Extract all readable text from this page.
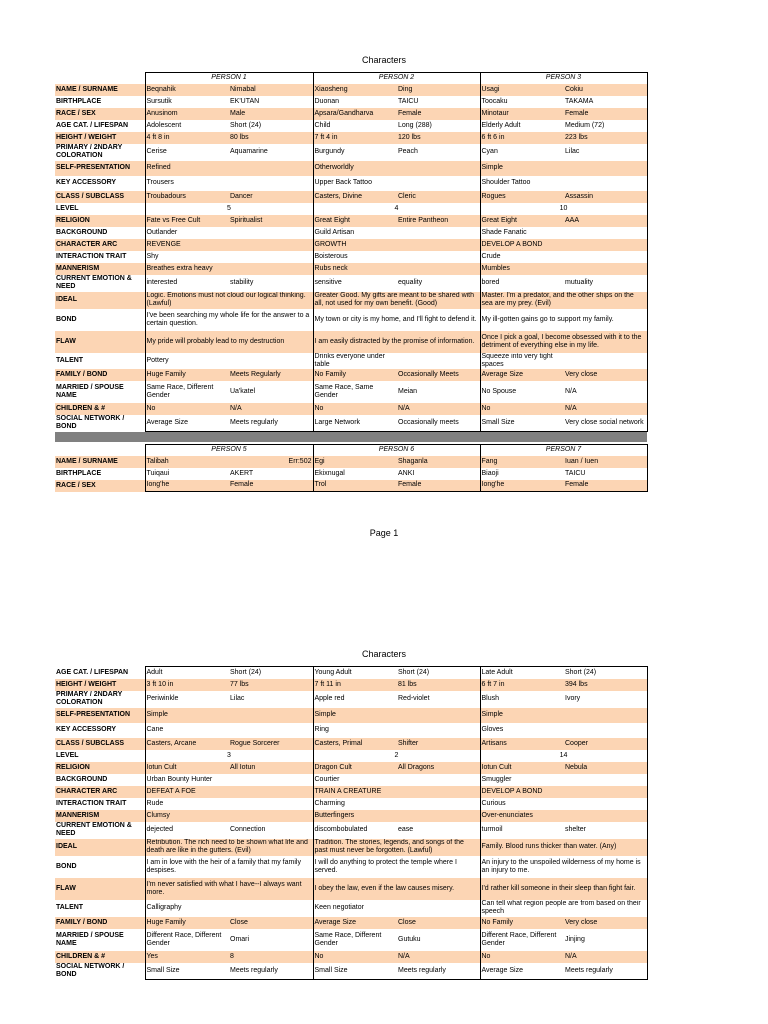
Characters
	PERSON 1		PERSON 2		PERSON 3	
NAME / SURNAME	Beqnahik	Nimabal	Xiaosheng	Ding	Usagi	Cokiu
BIRTHPLACE	Sursutik	EK'UTAN	Duonan	TAICU	Toocaku	TAKAMA
RACE / SEX	Anusinom	Male	Apsara/Gandharva	Female	Minotaur	Female
AGE CAT. / LIFESPAN	Adolescent	Short (24)	Child	Long (288)	Elderly Adult	Medium (72)
HEIGHT / WEIGHT	4 ft 8 in	80 lbs	7 ft 4 in	120 lbs	6 ft 6 in	223 lbs
PRIMARY / 2NDARY COLORATION	Cerise	Aquamarine	Burgundy	Peach	Cyan	Lilac
SELF-PRESENTATION	Refined		Otherworldly		Simple	
KEY ACCESSORY	Trousers		Upper Back Tattoo		Shoulder Tattoo	
CLASS / SUBCLASS	Troubadours	Dancer	Casters, Divine	Cleric	Rogues	Assassin
LEVEL	5		4		10	
RELIGION	Fate vs Free Cult	Spiritualist	Great Eight	Entire Pantheon	Great Eight	AAA
BACKGROUND	Outlander		Guild Artisan		Shade Fanatic	
CHARACTER ARC	REVENGE		GROWTH		DEVELOP A BOND	
INTERACTION TRAIT	Shy		Boisterous		Crude	
MANNERISM	Breathes extra heavy		Rubs neck		Mumbles	
CURRENT EMOTION & NEED	interested	stability	sensitive	equality	bored	mutuality
IDEAL	Logic. Emotions must not cloud our logical thinking. (Lawful)		Greater Good. My gifts are meant to be shared with all, not used for my own benefit. (Good)		Master. I'm a predator, and the other ships on the sea are my prey. (Evil)	
BOND	I've been searching my whole life for the answer to a certain question.		My town or city is my home, and I'll fight to defend it.		My ill-gotten gains go to support my family.	
FLAW	My pride will probably lead to my destruction		I am easily distracted by the promise of information.		Once I pick a goal, I become obsessed with it to the detriment of everything else in my life.	
TALENT	Pottery		Drinks everyone under table		Squeeze into very tight spaces	
FAMILY / BOND	Huge Family	Meets Regularly	No Family	Occasionally Meets	Average Size	Very close
MARRIED / SPOUSE NAME	Same Race, Different Gender	Ua'katel	Same Race, Same Gender	Meian	No Spouse	N/A
CHILDREN & #	No	N/A	No	N/A	No	N/A
SOCIAL NETWORK / BOND	Average Size	Meets regularly	Large Network	Occasionally meets	Small Size	Very close social network

	PERSON 5		PERSON 6		PERSON 7	
NAME / SURNAME	Talibah	Err:502	Egi	Shaganla	Fang	Iuan / Iuen
BIRTHPLACE	Tuiqaui	AKERT	Ekixnugal	ANKI	Biaoji	TAICU
RACE / SEX	Iong'he	Female	Trol	Female	Iong'he	Female
Page 1
Characters
AGE CAT. / LIFESPAN	Adult	Short (24)	Young Adult	Short (24)	Late Adult	Short (24)
HEIGHT / WEIGHT	3 ft 10 in	77 lbs	7 ft 11 in	81 lbs	6 ft 7 in	394 lbs
PRIMARY / 2NDARY COLORATION	Periwinkle	Lilac	Apple red	Red-violet	Blush	Ivory
SELF-PRESENTATION	Simple		Simple		Simple	
KEY ACCESSORY	Cane		Ring		Gloves	
CLASS / SUBCLASS	Casters, Arcane	Rogue Sorcerer	Casters, Primal	Shifter	Artisans	Cooper
LEVEL	3		2		14	
RELIGION	Iotun Cult	All Iotun	Dragon Cult	All Dragons	Iotun Cult	Nebula
BACKGROUND	Urban Bounty Hunter		Courtier		Smuggler	
CHARACTER ARC	DEFEAT A FOE		TRAIN A CREATURE		DEVELOP A BOND	
INTERACTION TRAIT	Rude		Charming		Curious	
MANNERISM	Clumsy		Butterfingers		Over-enunciates	
CURRENT EMOTION & NEED	dejected	Connection	discombobulated	ease	turmoil	shelter
IDEAL	Retribution. The rich need to be shown what life and death are like in the gutters. (Evil)		Tradition. The stories, legends, and songs of the past must never be forgotten. (Lawful)		Family. Blood runs thicker than water. (Any)	
BOND	I am in love with the heir of a family that my family despises.		I will do anything to protect the temple where I served.		An injury to the unspoiled wilderness of my home is an injury to me.	
FLAW	I'm never satisfied with what I have--I always want more.		I obey the law, even if the law causes misery.		I'd rather kill someone in their sleep than fight fair.	
TALENT	Calligraphy		Keen negotiator		Can tell what region people are from based on their speech	
FAMILY / BOND	Huge Family	Close	Average Size	Close	No Family	Very close
MARRIED / SPOUSE NAME	Different Race, Different Gender	Omari	Same Race, Different Gender	Gutuku	Different Race, Different Gender	Jinjing
CHILDREN & #	Yes	8	No	N/A	No	N/A
SOCIAL NETWORK / BOND	Small Size	Meets regularly	Small Size	Meets regularly	Average Size	Meets regularly
